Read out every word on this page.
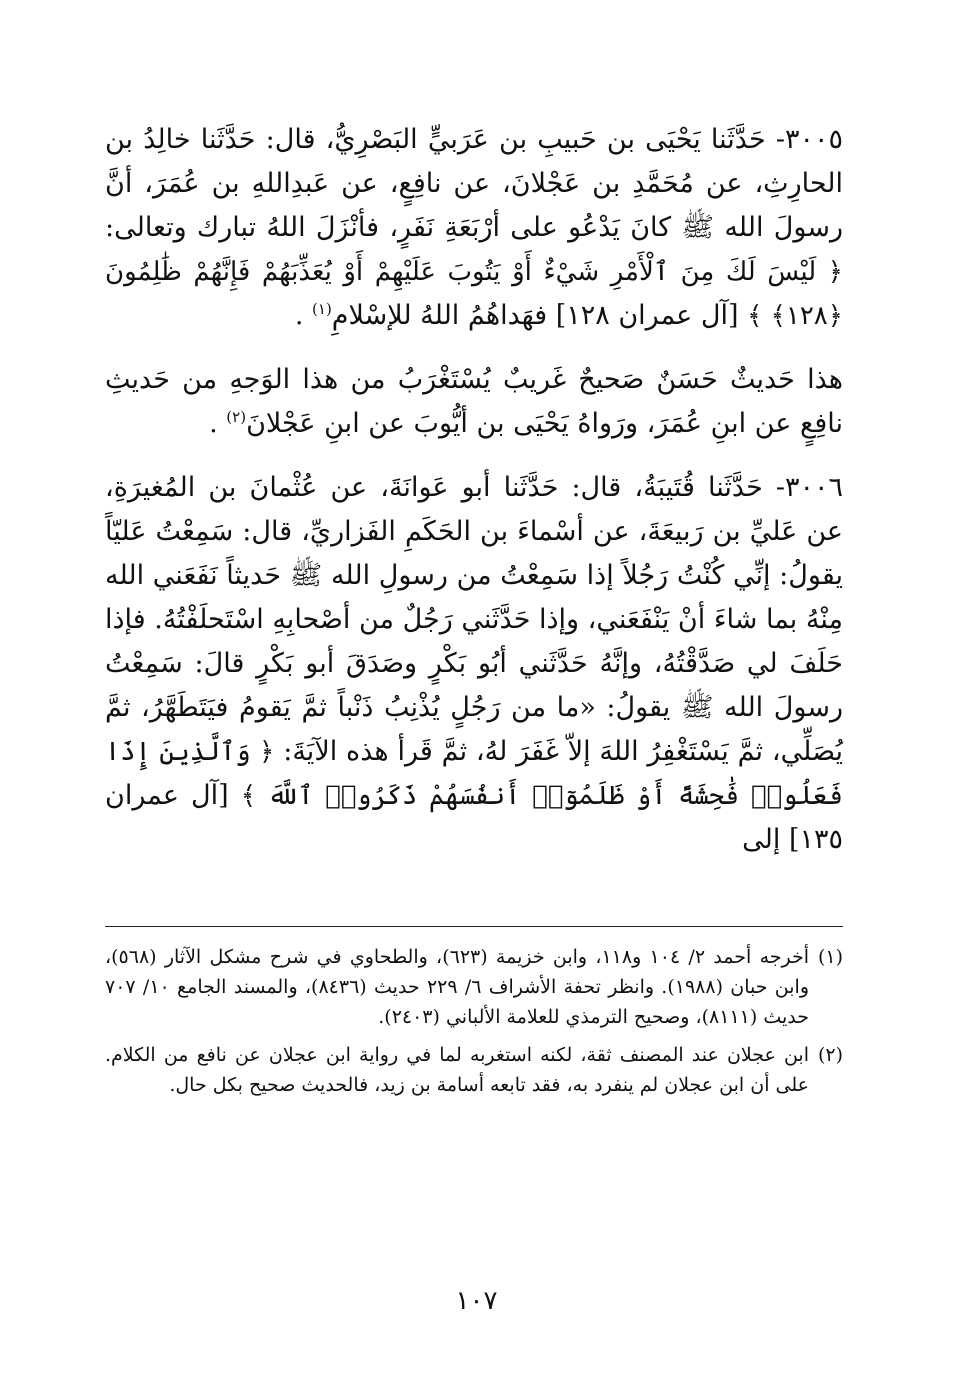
٣٠٠٥- حَدَّثَنا يَحْيَى بن حَبيبِ بن عَرَبيٍّ البَصْرِيُّ، قال: حَدَّثَنا خالِدُ بن الحارِثِ، عن مُحَمَّدِ بن عَجْلانَ، عن نافِعٍ، عن عَبدِاللهِ بن عُمَرَ، أنَّ رسولَ الله ﷺ كانَ يَدْعُو على أرْبَعَةِ نَفَرٍ، فأنْزَلَ اللهُ تبارك وتعالى: ﴿ لَيْسَ لَكَ مِنَ ٱلْأَمْرِ شَيْءٌ أَوْ يَتُوبَ عَلَيْهِمْ أَوْ يُعَذِّبَهُمْ فَإِنَّهُمْ ظَٰلِمُونَ ﴿١٢٨﴾ ﴾ [آل عمران ١٢٨] فهَداهُمُ اللهُ للإسْلامِ$^{(١)}$ .

هذا حَديثٌ حَسَنٌ صَحيحٌ غَريبٌ يُسْتَغْرَبُ من هذا الوَجهِ من حَديثِ نافِعٍ عن ابنِ عُمَرَ، ورَواهُ يَحْيَى بن أيُّوبَ عن ابنِ عَجْلانَ$^{(٢)}$ .

٣٠٠٦- حَدَّثَنا قُتَيبَةُ، قال: حَدَّثَنا أبو عَوانَةَ، عن عُثْمانَ بن المُغيرَةِ، عن عَليِّ بن رَبيعَةَ، عن أسْماءَ بن الحَكَمِ الفَزاريِّ، قال: سَمِعْتُ عَليّاً يقولُ: إنِّي كُنْتُ رَجُلاً إذا سَمِعْتُ من رسولِ الله ﷺ حَديثاً نَفَعَني الله مِنْهُ بما شاءَ أنْ يَنْفَعَني، وإذا حَدَّثَني رَجُلٌ من أصْحابِهِ اسْتَحلَفْتُهُ. فإذا حَلَفَ لي صَدَّقْتُهُ، وإنَّهُ حَدَّثَني أبُو بَكْرٍ وصَدَقَ أبو بَكْرٍ قالَ: سَمِعْتُ رسولَ الله ﷺ يقولُ: «ما من رَجُلٍ يُذْنِبُ ذَنْباً ثمَّ يَقومُ فيَتَطَهَّرُ، ثمَّ يُصَلِّي، ثمَّ يَسْتَغْفِرُ اللهَ إلاّ غَفَرَ لهُ، ثمَّ قَرأ هذه الآيَةَ: ﴿ وَٱلَّذِينَ إِذَا فَعَلُوا۟ فَٰحِشَةً أَوْ ظَلَمُوٓا۟ أَنفُسَهُمْ ذَكَرُوا۟ ٱللَّهَ ﴾ [آل عمران ١٣٥] إلى

(١)
أخرجه أحمد ٢/ ١٠٤ و١١٨، وابن خزيمة (٦٢٣)، والطحاوي في شرح مشكل الآثار (٥٦٨)، وابن حبان (١٩٨٨). وانظر تحفة الأشراف ٦/ ٢٢٩ حديث (٨٤٣٦)، والمسند الجامع ١٠/ ٧٠٧ حديث (٨١١١)، وصحيح الترمذي للعلامة الألباني (٢٤٠٣).
(٢)
ابن عجلان عند المصنف ثقة، لكنه استغربه لما في رواية ابن عجلان عن نافع من الكلام. على أن ابن عجلان لم ينفرد به، فقد تابعه أسامة بن زيد، فالحديث صحيح بكل حال.
١٠٧
